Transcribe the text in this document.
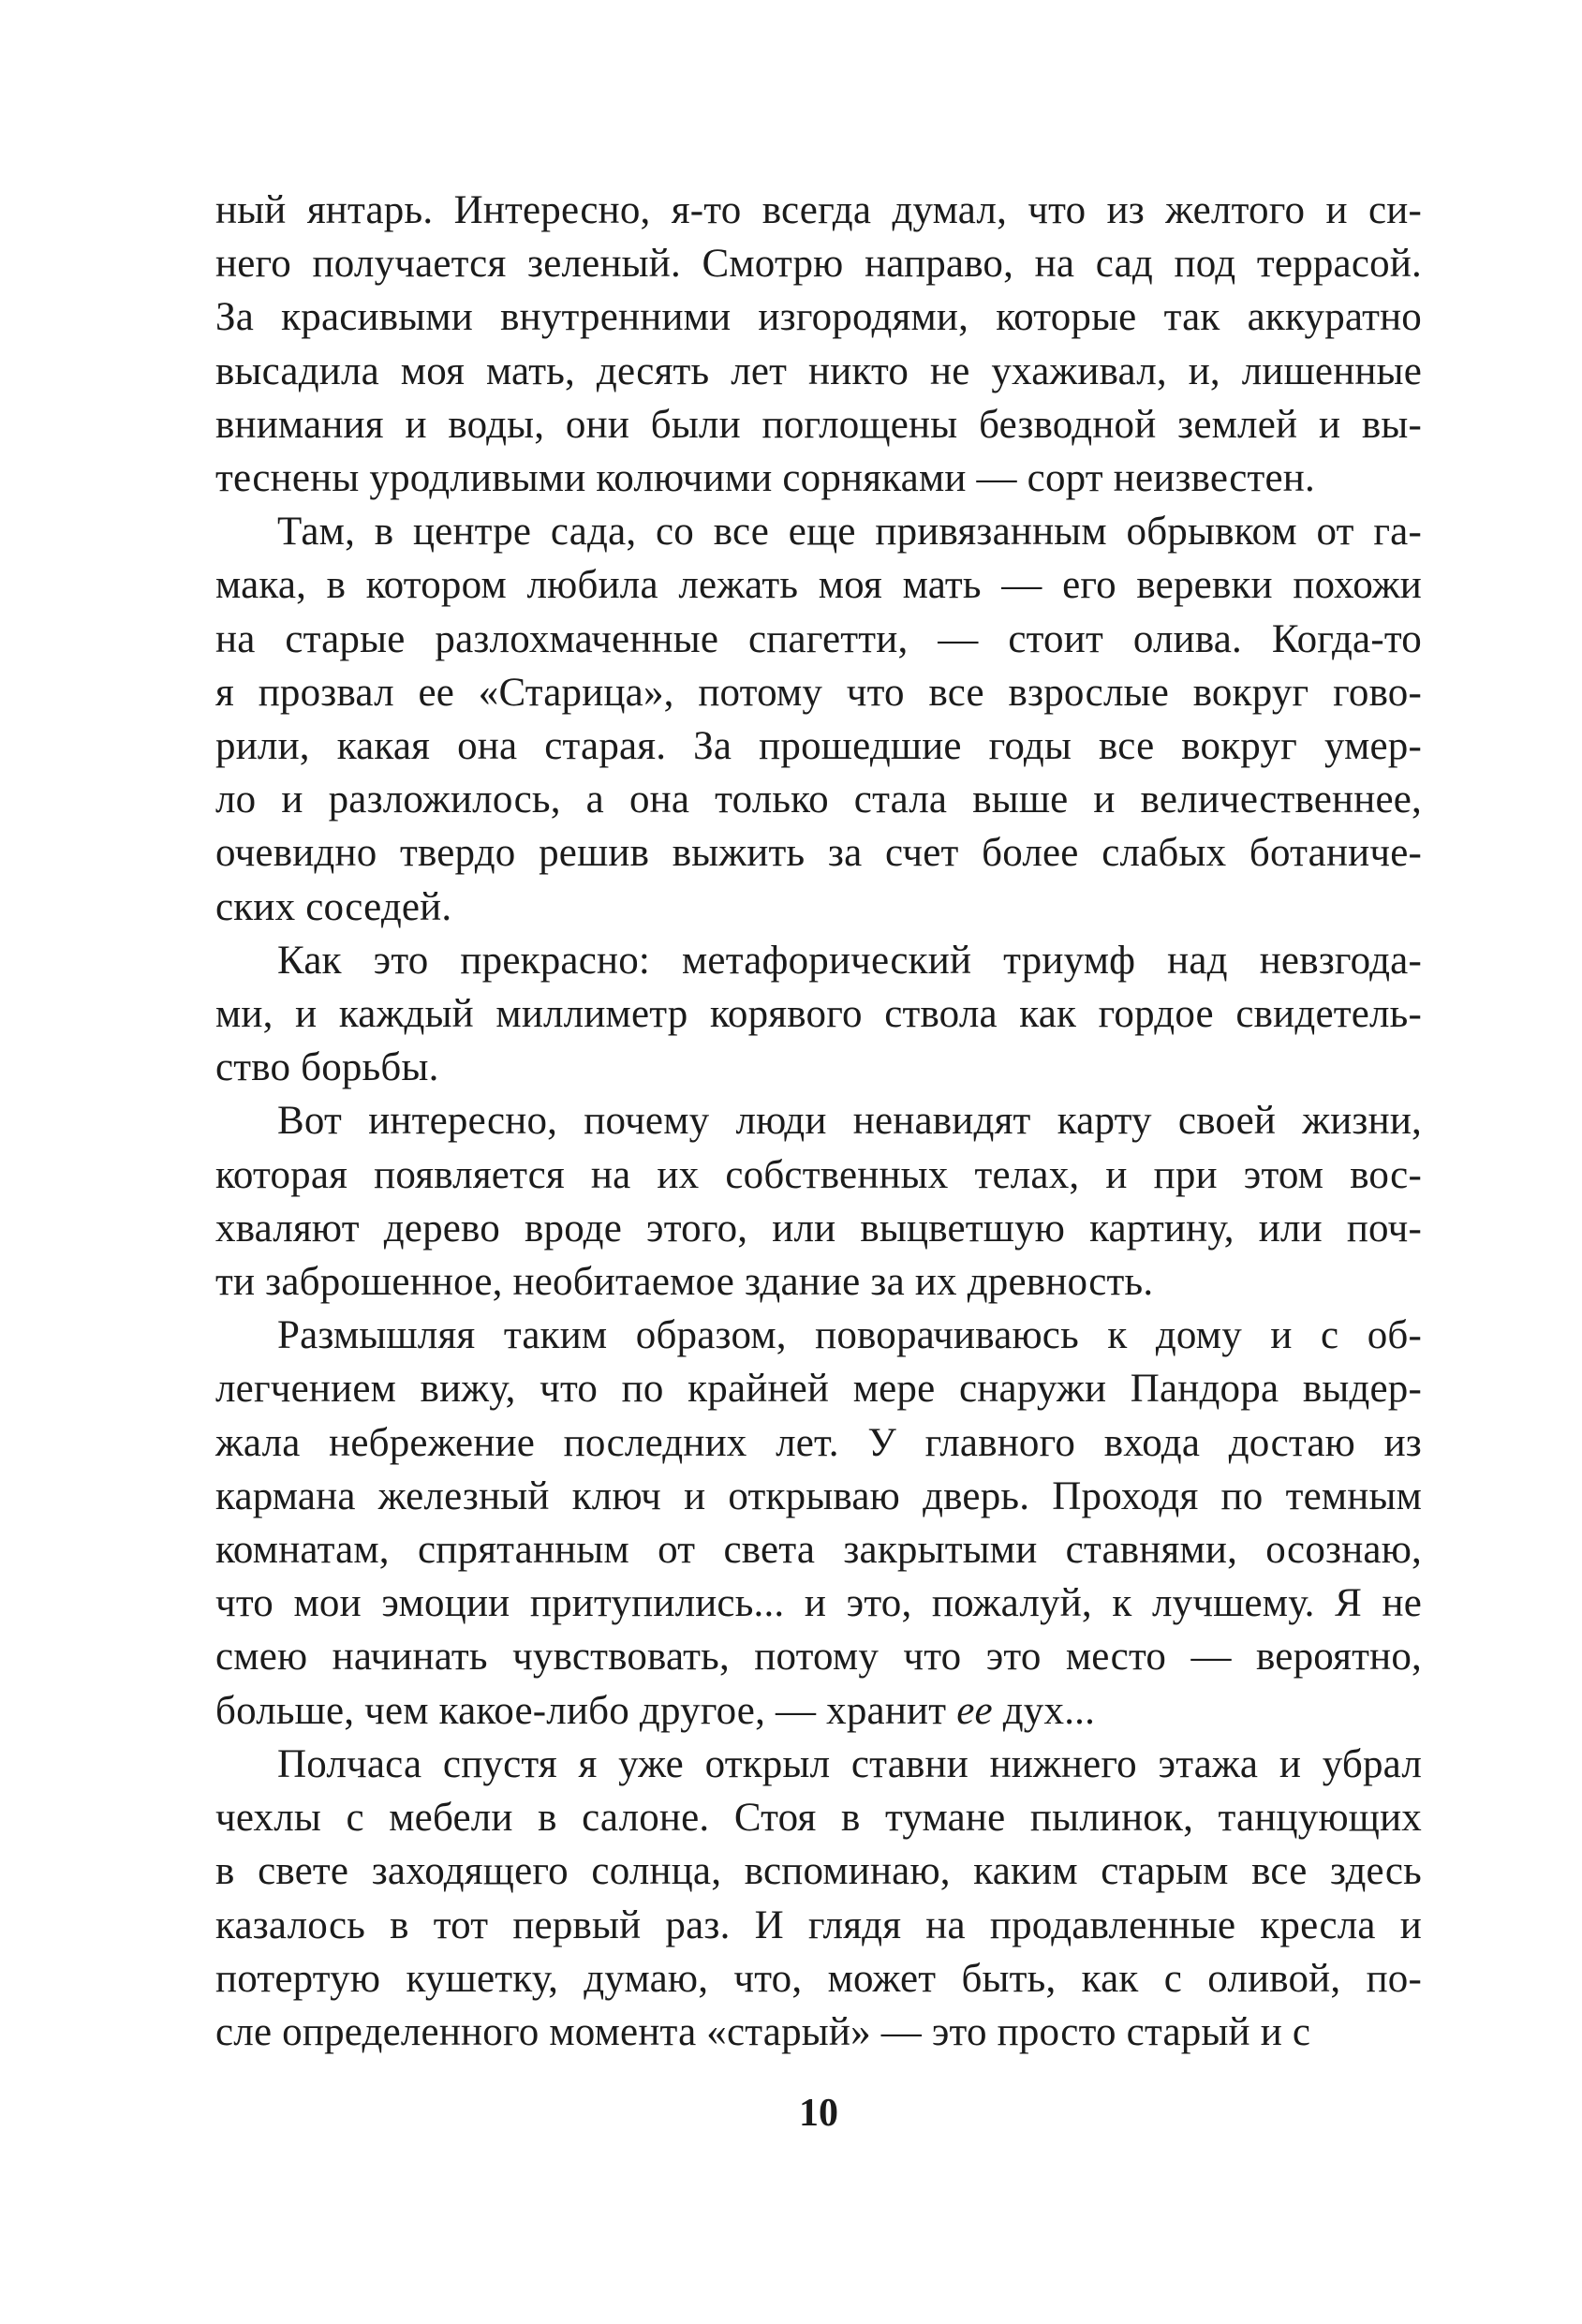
ный янтарь. Интересно, я-то всегда думал, что из желтого и си-
него получается зеленый. Смотрю направо, на сад под террасой.
За красивыми внутренними изгородями, которые так аккуратно
высадила моя мать, десять лет никто не ухаживал, и, лишенные
внимания и воды, они были поглощены безводной землей и вы-
теснены уродливыми колючими сорняками — сорт неизвестен.
Там, в центре сада, со все еще привязанным обрывком от га-
мака, в котором любила лежать моя мать — его веревки похожи
на старые разлохмаченные спагетти, — стоит олива. Когда-то
я прозвал ее «Старица», потому что все взрослые вокруг гово-
рили, какая она старая. За прошедшие годы все вокруг умер-
ло и разложилось, а она только стала выше и величественнее,
очевидно твердо решив выжить за счет более слабых ботаниче-
ских соседей.
Как это прекрасно: метафорический триумф над невзгода-
ми, и каждый миллиметр корявого ствола как гордое свидетель-
ство борьбы.
Вот интересно, почему люди ненавидят карту своей жизни,
которая появляется на их собственных телах, и при этом вос-
хваляют дерево вроде этого, или выцветшую картину, или поч-
ти заброшенное, необитаемое здание за их древность.
Размышляя таким образом, поворачиваюсь к дому и с об-
легчением вижу, что по крайней мере снаружи Пандора выдер-
жала небрежение последних лет. У главного входа достаю из
кармана железный ключ и открываю дверь. Проходя по темным
комнатам, спрятанным от света закрытыми ставнями, осознаю,
что мои эмоции притупились... и это, пожалуй, к лучшему. Я не
смею начинать чувствовать, потому что это место — вероятно,
больше, чем какое-либо другое, — хранит ее дух...
Полчаса спустя я уже открыл ставни нижнего этажа и убрал
чехлы с мебели в салоне. Стоя в тумане пылинок, танцующих
в свете заходящего солнца, вспоминаю, каким старым все здесь
казалось в тот первый раз. И глядя на продавленные кресла и
потертую кушетку, думаю, что, может быть, как с оливой, по-
сле определенного момента «старый» — это просто старый и с
10
